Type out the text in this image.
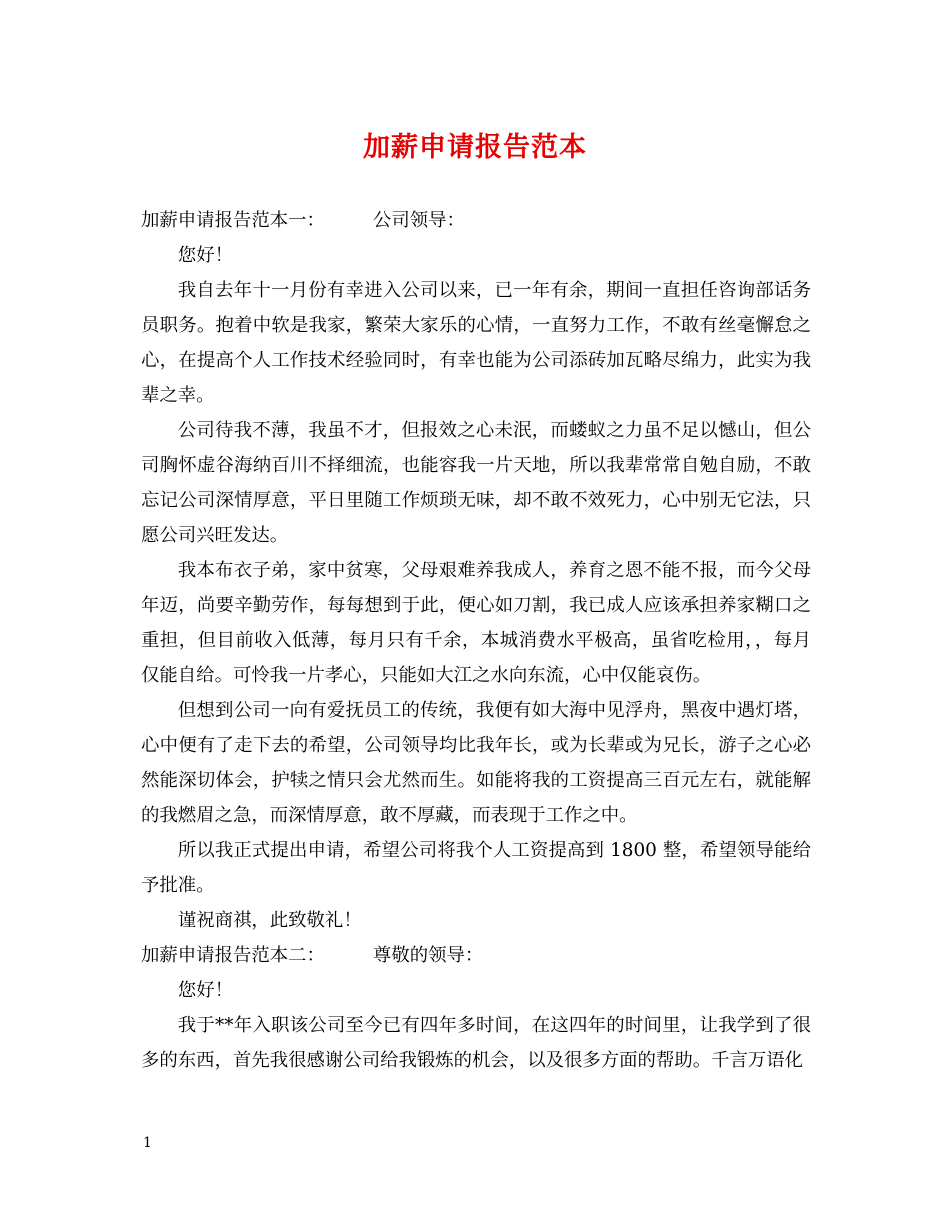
加薪申请报告范本

加薪申请报告范本一：	公司领导：

您好！

我自去年十一月份有幸进入公司以来，已一年有余，期间一直担任咨询部话务员职务。抱着中软是我家，繁荣大家乐的心情，一直努力工作，不敢有丝毫懈怠之心，在提高个人工作技术经验同时，有幸也能为公司添砖加瓦略尽绵力，此实为我辈之幸。

公司待我不薄，我虽不才，但报效之心未泯，而蝼蚁之力虽不足以憾山，但公司胸怀虚谷海纳百川不择细流，也能容我一片天地，所以我辈常常自勉自励，不敢忘记公司深情厚意，平日里随工作烦琐无味，却不敢不效死力，心中别无它法，只愿公司兴旺发达。

我本布衣子弟，家中贫寒，父母艰难养我成人，养育之恩不能不报，而今父母年迈，尚要辛勤劳作，每每想到于此，便心如刀割，我已成人应该承担养家糊口之重担，但目前收入低薄，每月只有千余，本城消费水平极高，虽省吃检用，，每月仅能自给。可怜我一片孝心，只能如大江之水向东流，心中仅能哀伤。

但想到公司一向有爱抚员工的传统，我便有如大海中见浮舟，黑夜中遇灯塔，心中便有了走下去的希望，公司领导均比我年长，或为长辈或为兄长，游子之心必然能深切体会，护犊之情只会尤然而生。如能将我的工资提高三百元左右，就能解的我燃眉之急，而深情厚意，敢不厚藏，而表现于工作之中。

所以我正式提出申请，希望公司将我个人工资提高到 1800 整，希望领导能给予批准。

谨祝商祺，此致敬礼！

加薪申请报告范本二：	尊敬的领导：

您好！

我于**年入职该公司至今已有四年多时间，在这四年的时间里，让我学到了很多的东西，首先我很感谢公司给我锻炼的机会，以及很多方面的帮助。千言万语化

1
